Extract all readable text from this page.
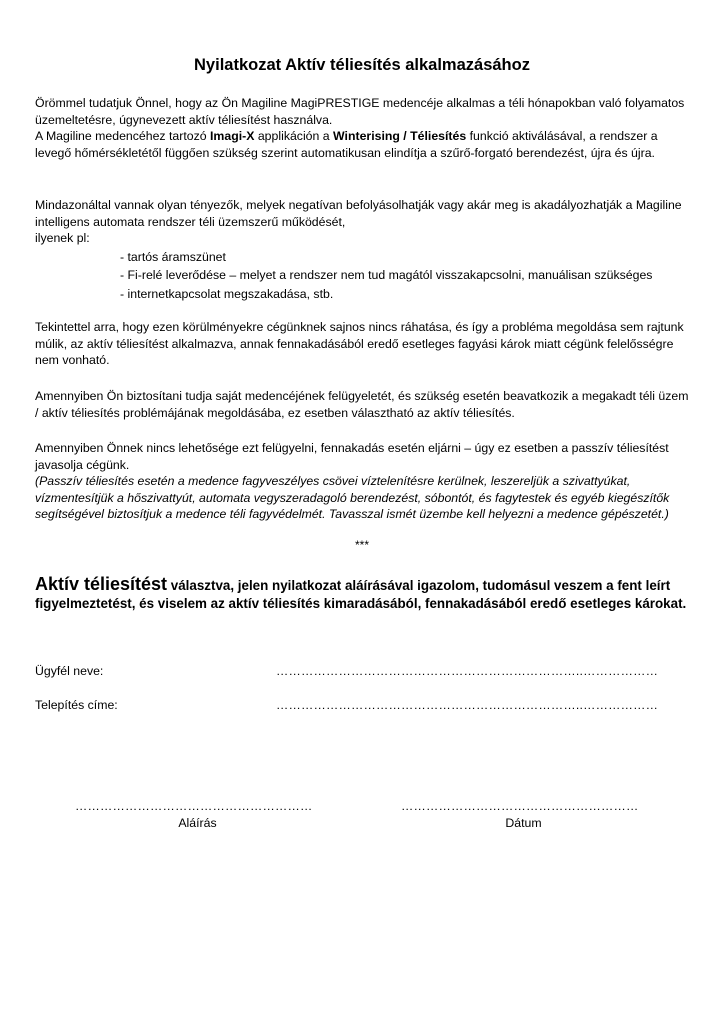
Nyilatkozat Aktív téliesítés alkalmazásához

Örömmel tudatjuk Önnel, hogy az Ön Magiline MagiPRESTIGE medencéje alkalmas a téli hónapokban való folyamatos üzemeltetésre, úgynevezett aktív téliesítést használva.

A Magiline medencéhez tartozó Imagi-X applikáción a Winterising / Téliesítés funkció aktiválásával, a rendszer a levegő hőmérsékletétől függően szükség szerint automatikusan elindítja a szűrő-forgató berendezést, újra és újra.

Mindazonáltal vannak olyan tényezők, melyek negatívan befolyásolhatják vagy akár meg is akadályozhatják a Magiline intelligens automata rendszer téli üzemszerű működését,

ilyenek pl:

- tartós áramszünet
- Fi-relé leverődése – melyet a rendszer nem tud magától visszakapcsolni, manuálisan szükséges
- internetkapcsolat megszakadása, stb.

Tekintettel arra, hogy ezen körülményekre cégünknek sajnos nincs ráhatása, és így a probléma megoldása sem rajtunk múlik, az aktív téliesítést alkalmazva, annak fennakadásából eredő esetleges fagyási károk miatt cégünk felelősségre nem vonható.

Amennyiben Ön biztosítani tudja saját medencéjének felügyeletét, és szükség esetén beavatkozik a megakadt téli üzem / aktív téliesítés problémájának megoldásába, ez esetben választható az aktív téliesítés.

Amennyiben Önnek nincs lehetősége ezt felügyelni, fennakadás esetén eljárni – úgy ez esetben a passzív téliesítést javasolja cégünk.

(Passzív téliesítés esetén a medence fagyveszélyes csövei víztelenítésre kerülnek, leszereljük a szivattyúkat, vízmentesítjük a hőszivattyút, automata vegyszeradagoló berendezést, sóbontót, és fagytestek és egyéb kiegészítők segítségével biztosítjuk a medence téli fagyvédelmét. Tavasszal ismét üzembe kell helyezni a medence gépészetét.)

***
Aktív téliesítést választva, jelen nyilatkozat aláírásával igazolom, tudomásul veszem a fent leírt figyelmeztetést, és viselem az aktív téliesítés kimaradásából, fennakadásából eredő esetleges károkat.
Ügyfél neve:	………………………………………………………………..………………
Telepítés címe:	………………………………………………………………..………………
…………………………………………………
Aláírás
…………………………………………………
Dátum
